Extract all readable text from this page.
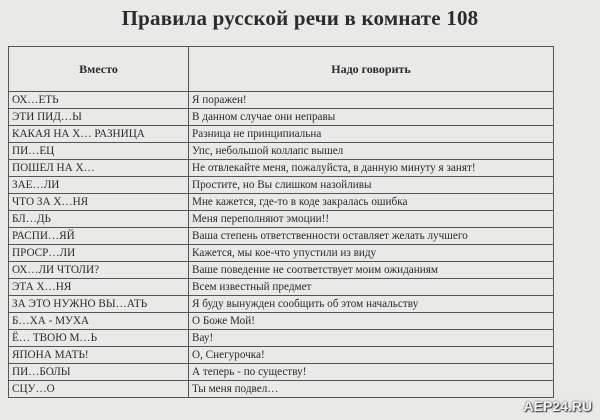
Правила русской речи в комнате 108
Вместо	Надо говорить
ОХ…ЕТЬ	Я поражен!
ЭТИ ПИД…Ы	В данном случае они неправы
КАКАЯ НА Х… РАЗНИЦА	Разница не принципиальна
ПИ…ЕЦ	Упс, небольшой коллапс вышел
ПОШЕЛ НА Х…	Не отвлекайте меня, пожалуйста, в данную минуту я занят!
ЗАЕ…ЛИ	Простите, но Вы слишком назойливы
ЧТО ЗА Х…НЯ	Мне кажется, где-то в коде закралась ошибка
БЛ…ДЬ	Меня переполняют эмоции!!
РАСПИ…ЯЙ	Ваша степень ответственности оставляет желать лучшего
ПРОСР…ЛИ	Кажется, мы кое-что упустили из виду
ОХ…ЛИ ЧТОЛИ?	Ваше поведение не соответствует моим ожиданиям
ЭТА Х…НЯ	Всем известный предмет
ЗА ЭТО НУЖНО ВЫ…АТЬ	Я буду вынужден сообщить об этом начальству
Б…ХА - МУХА	О Боже Мой!
Ё… ТВОЮ М…Ь	Вау!
ЯПОНА МАТЬ!	О, Снегурочка!
ПИ…БОЛЫ	А теперь - по существу!
СЦУ…О	Ты меня подвел…
AEP24.RU
